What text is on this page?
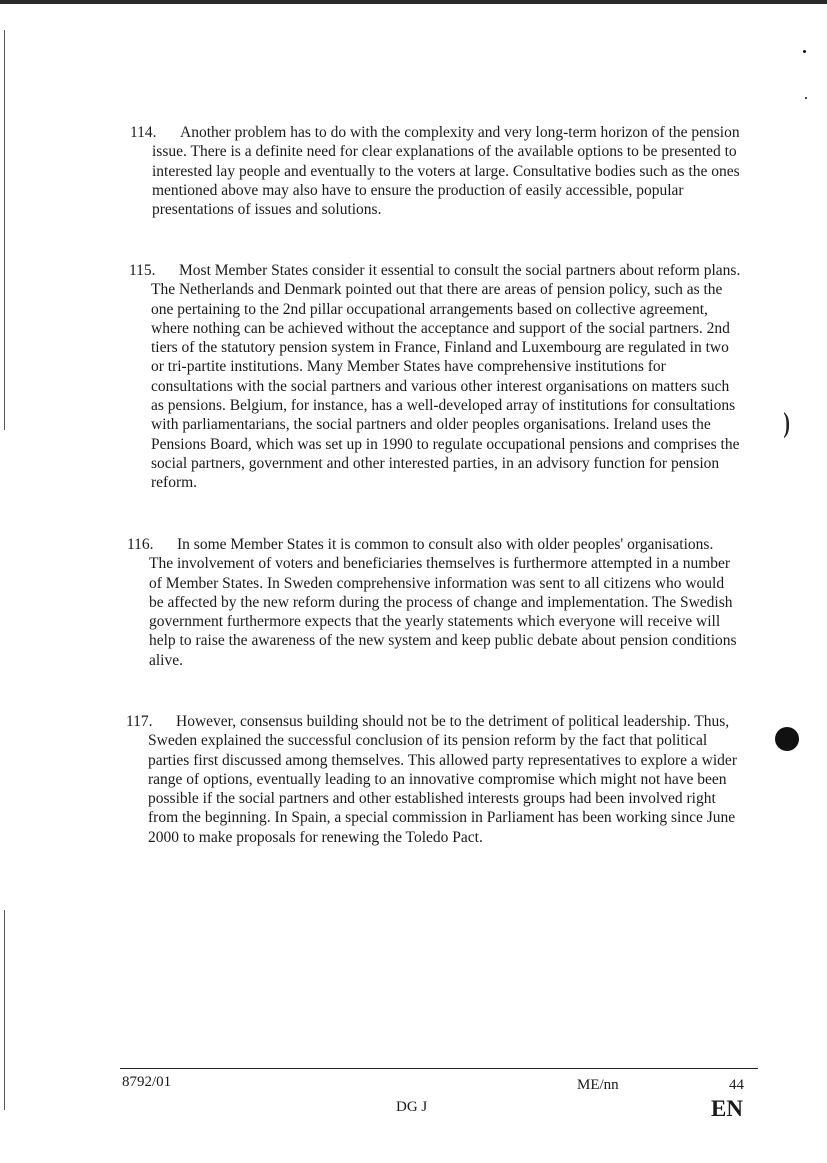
)
114. Another problem has to do with the complexity and very long-term horizon of the pension issue. There is a definite need for clear explanations of the available options to be presented to interested lay people and eventually to the voters at large. Consultative bodies such as the ones mentioned above may also have to ensure the production of easily accessible, popular presentations of issues and solutions.
115. Most Member States consider it essential to consult the social partners about reform plans. The Netherlands and Denmark pointed out that there are areas of pension policy, such as the one pertaining to the 2nd pillar occupational arrangements based on collective agreement, where nothing can be achieved without the acceptance and support of the social partners. 2nd tiers of the statutory pension system in France, Finland and Luxembourg are regulated in two or tri-partite institutions. Many Member States have comprehensive institutions for consultations with the social partners and various other interest organisations on matters such as pensions. Belgium, for instance, has a well-developed array of institutions for consultations with parliamentarians, the social partners and older peoples organisations. Ireland uses the Pensions Board, which was set up in 1990 to regulate occupational pensions and comprises the social partners, government and other interested parties, in an advisory function for pension reform.
116. In some Member States it is common to consult also with older peoples' organisations. The involvement of voters and beneficiaries themselves is furthermore attempted in a number of Member States. In Sweden comprehensive information was sent to all citizens who would be affected by the new reform during the process of change and implementation. The Swedish government furthermore expects that the yearly statements which everyone will receive will help to raise the awareness of the new system and keep public debate about pension conditions alive.
117. However, consensus building should not be to the detriment of political leadership. Thus, Sweden explained the successful conclusion of its pension reform by the fact that political parties first discussed among themselves. This allowed party representatives to explore a wider range of options, eventually leading to an innovative compromise which might not have been possible if the social partners and other established interests groups had been involved right from the beginning. In Spain, a special commission in Parliament has been working since June 2000 to make proposals for renewing the Toledo Pact.
8792/01	ME/nn	44
DG J	EN
